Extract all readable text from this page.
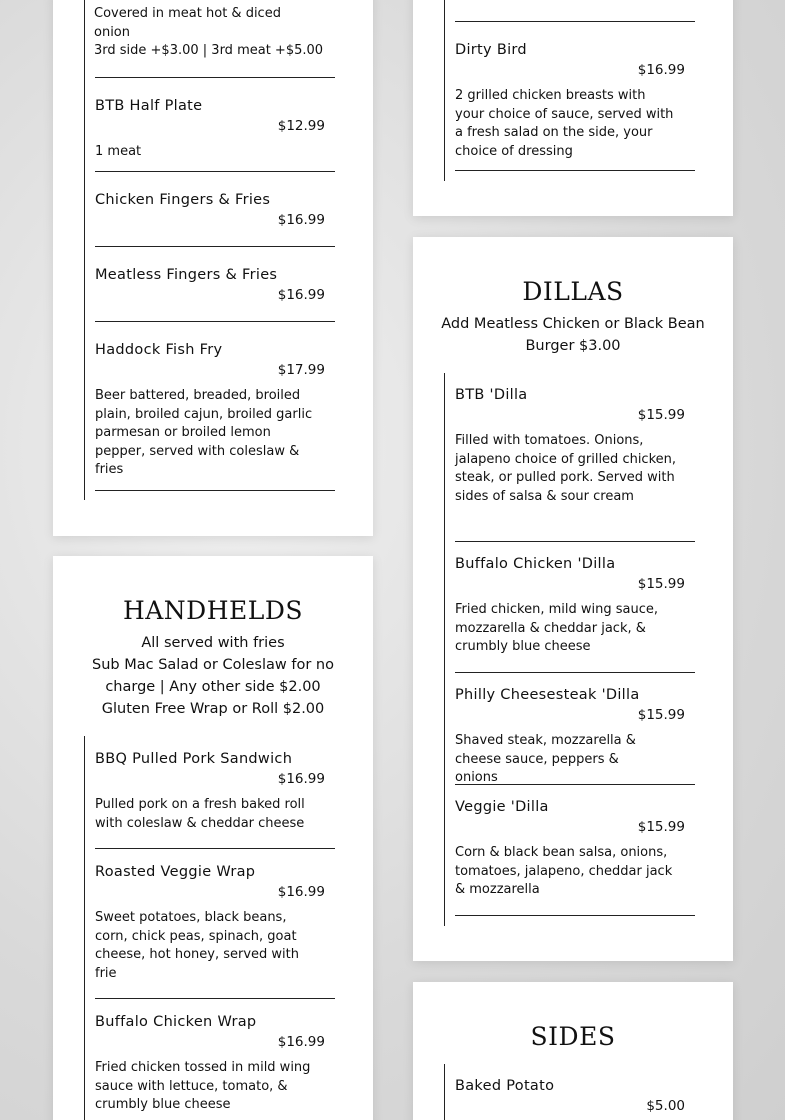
Covered in meat hot & diced onion
3rd side +$3.00 | 3rd meat +$5.00
BTB Half Plate
$12.99
1 meat
Chicken Fingers & Fries
$16.99
Meatless Fingers & Fries
$16.99
Haddock Fish Fry
$17.99
Beer battered, breaded, broiled plain, broiled cajun, broiled garlic parmesan or broiled lemon pepper, served with coleslaw & fries
Dirty Bird
$16.99
2 grilled chicken breasts with your choice of sauce, served with a fresh salad on the side, your choice of dressing
HANDHELDS
All served with fries
Sub Mac Salad or Coleslaw for no charge | Any other side $2.00
Gluten Free Wrap or Roll $2.00
BBQ Pulled Pork Sandwich
$16.99
Pulled pork on a fresh baked roll with coleslaw & cheddar cheese
Roasted Veggie Wrap
$16.99
Sweet potatoes, black beans, corn, chick peas, spinach, goat cheese, hot honey, served with frie
Buffalo Chicken Wrap
$16.99
Fried chicken tossed in mild wing sauce with lettuce, tomato, & crumbly blue cheese
DILLAS
Add Meatless Chicken or Black Bean Burger $3.00
BTB 'Dilla
$15.99
Filled with tomatoes. Onions, jalapeno choice of grilled chicken, steak, or pulled pork. Served with sides of salsa & sour cream
Buffalo Chicken 'Dilla
$15.99
Fried chicken, mild wing sauce, mozzarella & cheddar jack, & crumbly blue cheese
Philly Cheesesteak 'Dilla
$15.99
Shaved steak, mozzarella & cheese sauce, peppers & onions
Veggie 'Dilla
$15.99
Corn & black bean salsa, onions, tomatoes, jalapeno, cheddar jack & mozzarella
SIDES
Baked Potato
$5.00
